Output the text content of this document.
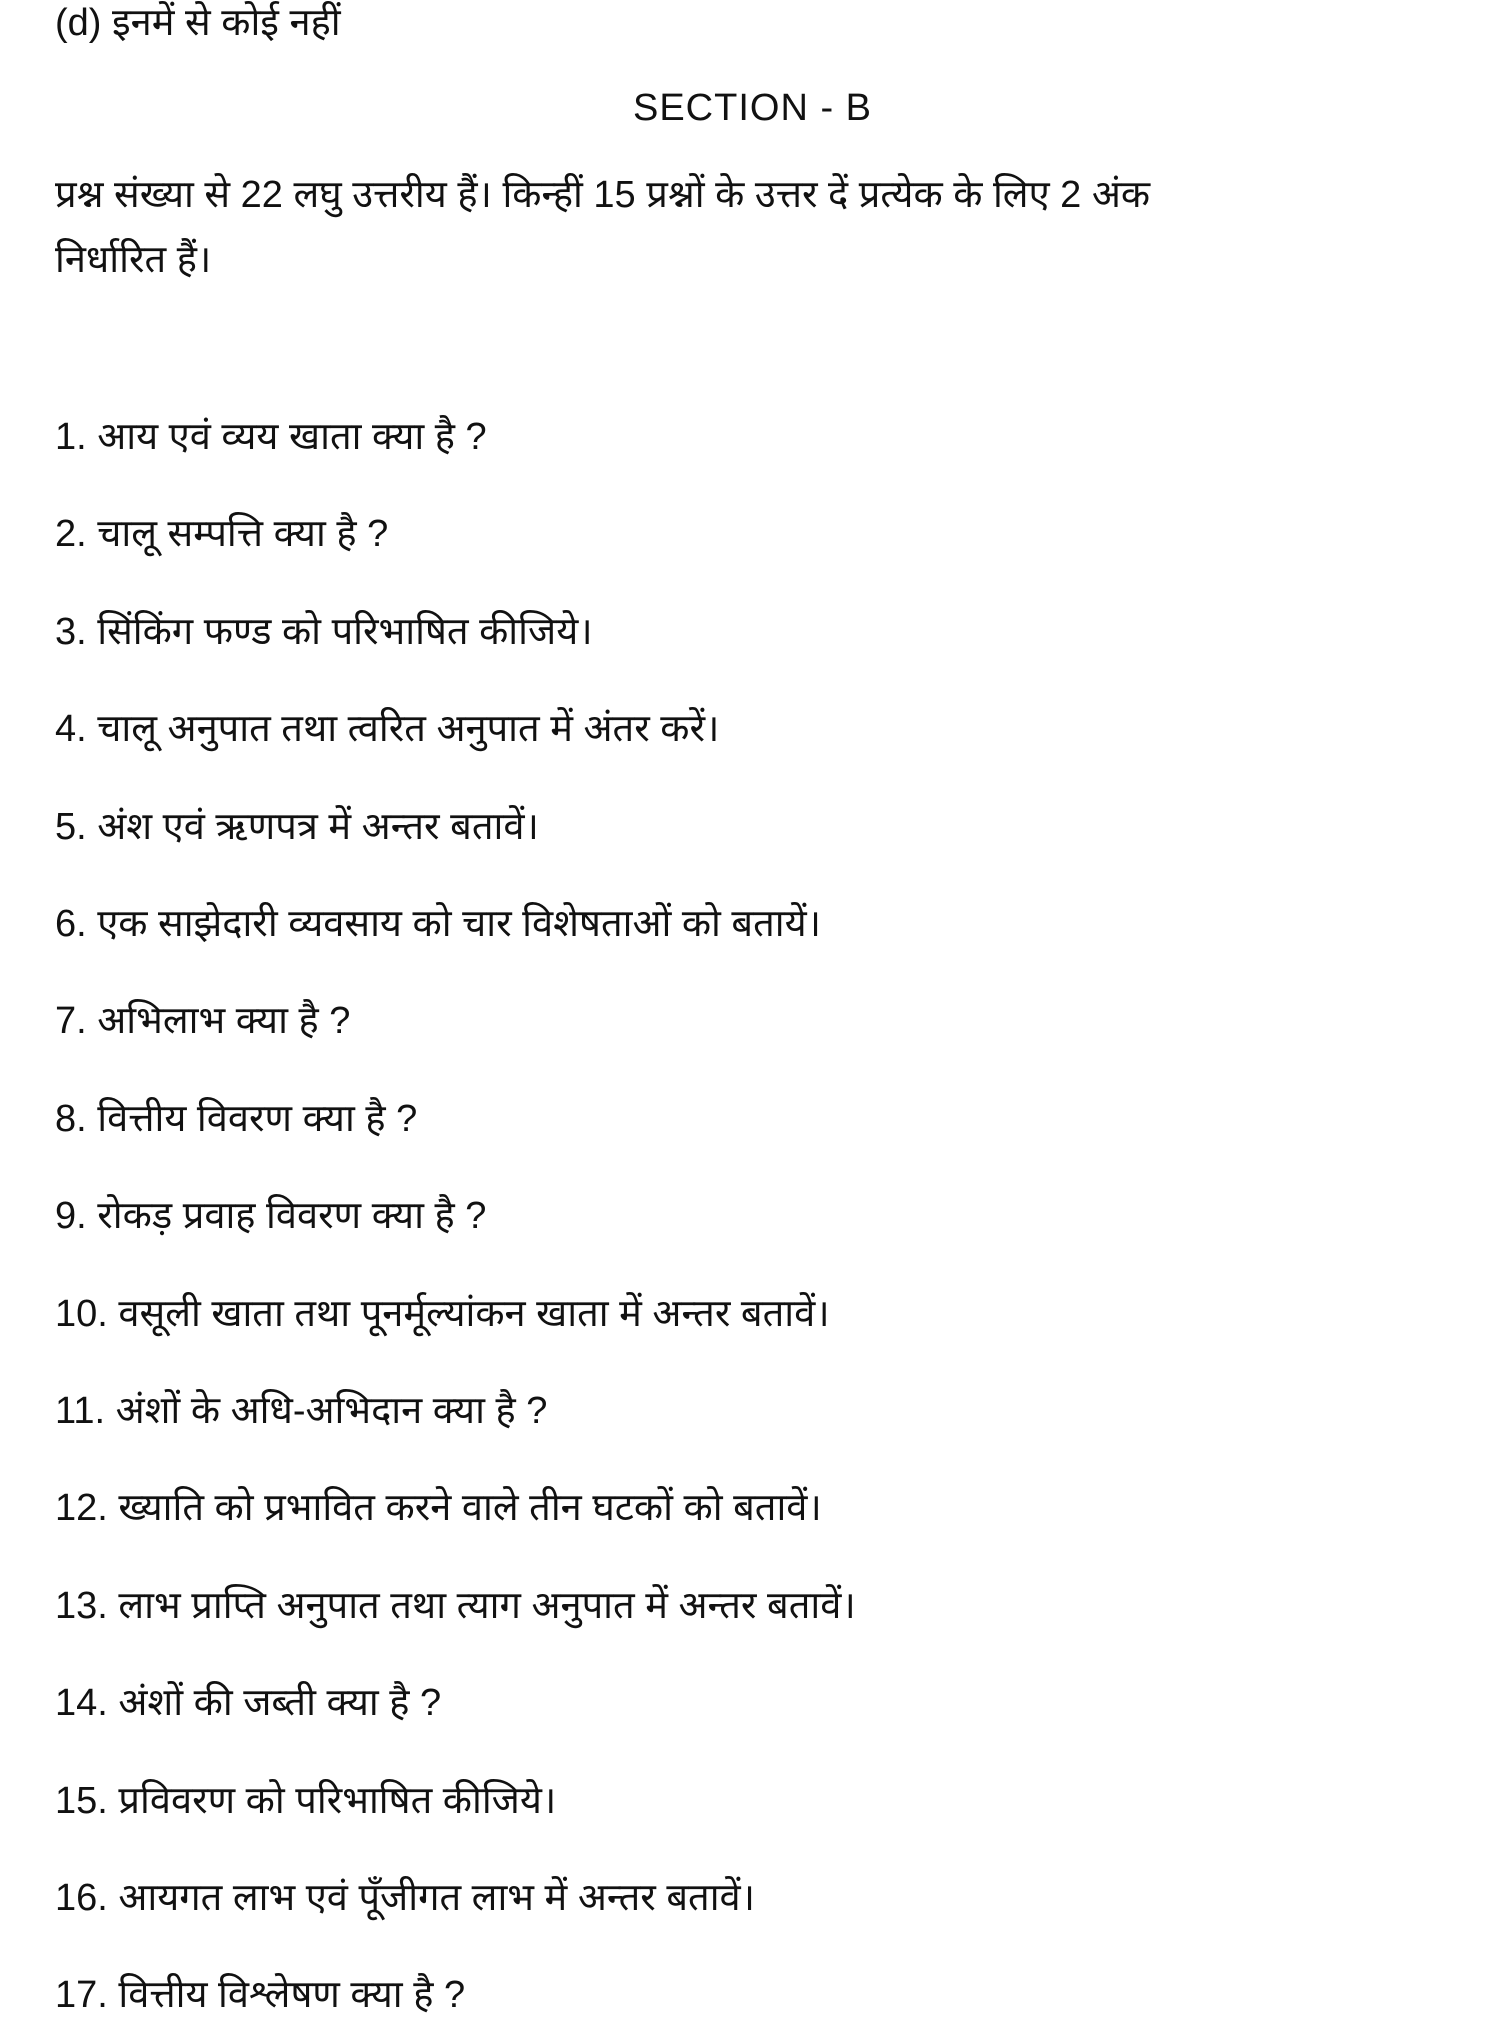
(d) इनमें से कोई नहीं
SECTION - B
प्रश्न संख्या से 22 लघु उत्तरीय हैं। किन्हीं 15 प्रश्नों के उत्तर दें प्रत्येक के लिए 2 अंक
निर्धारित हैं।
1. आय एवं व्यय खाता क्या है ?
2. चालू सम्पत्ति क्या है ?
3. सिंकिंग फण्ड को परिभाषित कीजिये।
4. चालू अनुपात तथा त्वरित अनुपात में अंतर करें।
5. अंश एवं ऋणपत्र में अन्तर बतावें।
6. एक साझेदारी व्यवसाय को चार विशेषताओं को बतायें।
7. अभिलाभ क्या है ?
8. वित्तीय विवरण क्या है ?
9. रोकड़ प्रवाह विवरण क्या है ?
10. वसूली खाता तथा पूनर्मूल्यांकन खाता में अन्तर बतावें।
11. अंशों के अधि-अभिदान क्या है ?
12. ख्याति को प्रभावित करने वाले तीन घटकों को बतावें।
13. लाभ प्राप्ति अनुपात तथा त्याग अनुपात में अन्तर बतावें।
14. अंशों की जब्ती क्या है ?
15. प्रविवरण को परिभाषित कीजिये।
16. आयगत लाभ एवं पूँजीगत लाभ में अन्तर बतावें।
17. वित्तीय विश्लेषण क्या है ?
